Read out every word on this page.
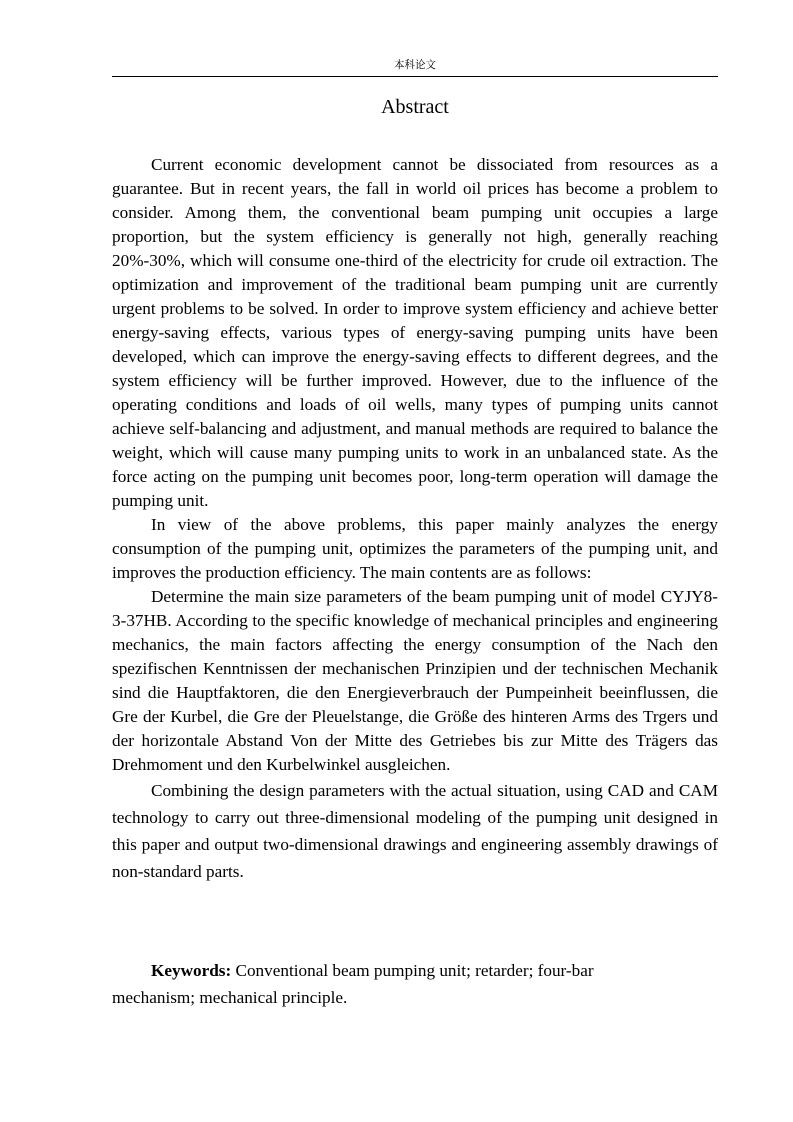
本科论文
Abstract

Current economic development cannot be dissociated from resources as a guarantee. But in recent years, the fall in world oil prices has become a problem to consider. Among them, the conventional beam pumping unit occupies a large proportion, but the system efficiency is generally not high, generally reaching 20%-30%, which will consume one-third of the electricity for crude oil extraction. The optimization and improvement of the traditional beam pumping unit are currently urgent problems to be solved. In order to improve system efficiency and achieve better energy-saving effects, various types of energy-saving pumping units have been developed, which can improve the energy-saving effects to different degrees, and the system efficiency will be further improved. However, due to the influence of the operating conditions and loads of oil wells, many types of pumping units cannot achieve self-balancing and adjustment, and manual methods are required to balance the weight, which will cause many pumping units to work in an unbalanced state. As the force acting on the pumping unit becomes poor, long-term operation will damage the pumping unit.

In view of the above problems, this paper mainly analyzes the energy consumption of the pumping unit, optimizes the parameters of the pumping unit, and improves the production efficiency. The main contents are as follows:

Determine the main size parameters of the beam pumping unit of model CYJY8-3-37HB. According to the specific knowledge of mechanical principles and engineering mechanics, the main factors affecting the energy consumption of the Nach den spezifischen Kenntnissen der mechanischen Prinzipien und der technischen Mechanik sind die Hauptfaktoren, die den Energieverbrauch der Pumpeinheit beeinflussen, die Gre der Kurbel, die Gre der Pleuelstange, die Größe des hinteren Arms des Trgers und der horizontale Abstand Von der Mitte des Getriebes bis zur Mitte des Trägers das Drehmoment und den Kurbelwinkel ausgleichen.

Combining the design parameters with the actual situation, using CAD and CAM technology to carry out three-dimensional modeling of the pumping unit designed in this paper and output two-dimensional drawings and engineering assembly drawings of non-standard parts.

Keywords: Conventional beam pumping unit; retarder; four-bar mechanism; mechanical principle.
